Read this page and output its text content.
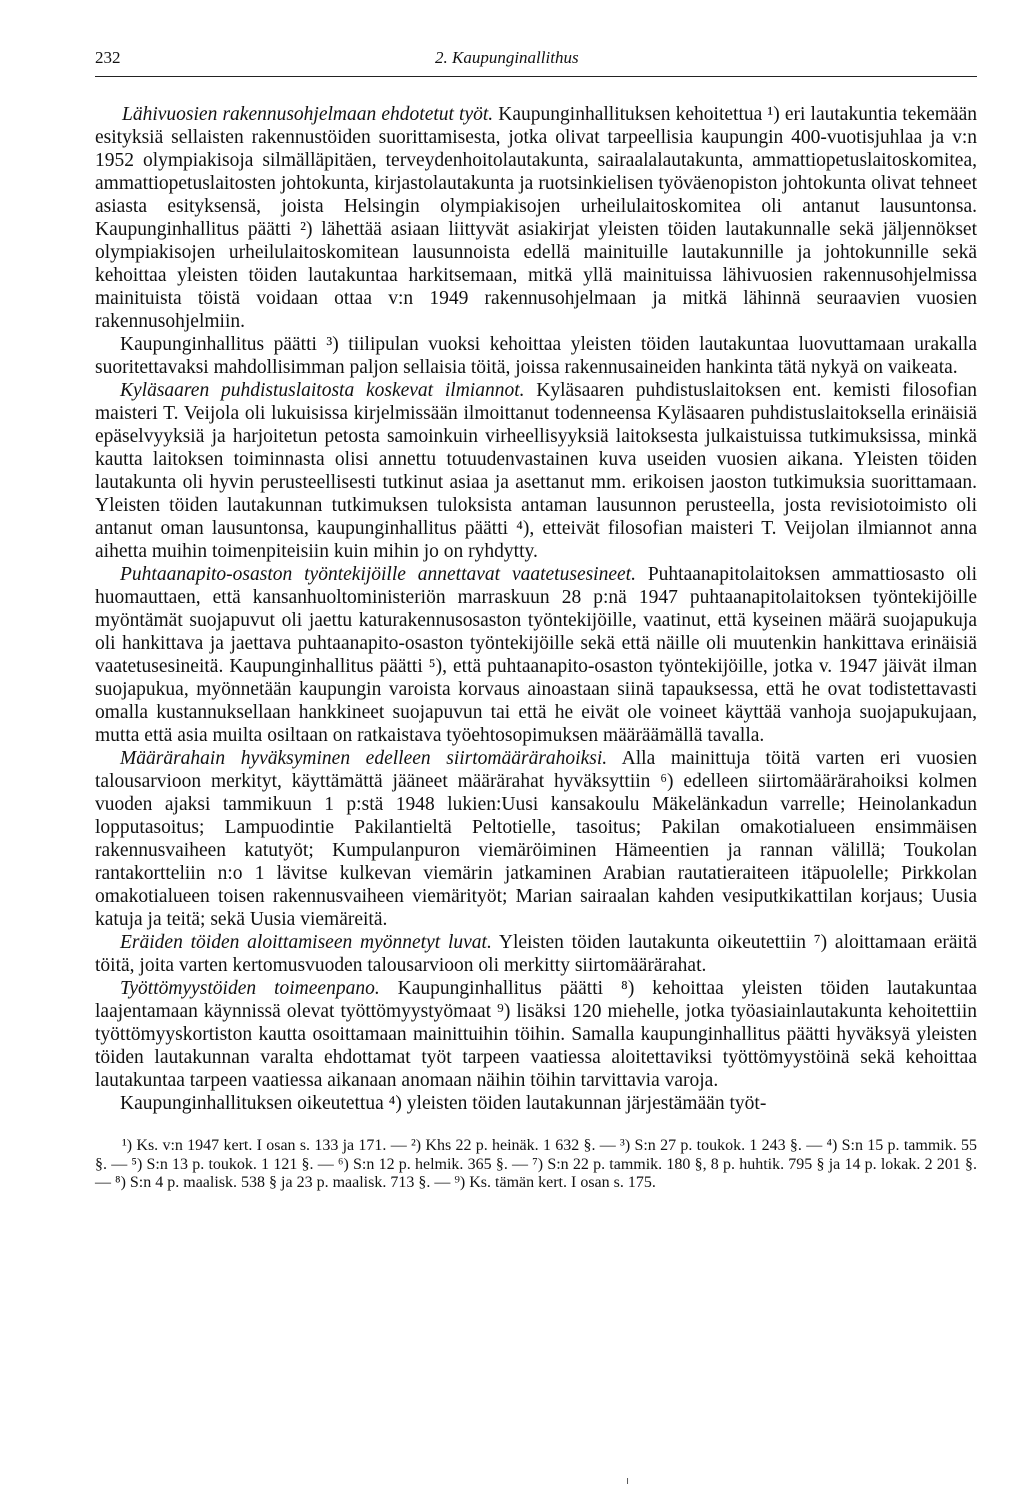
232	2. Kaupunginallithus

Lähivuosien rakennusohjelmaan ehdotetut työt. Kaupunginhallituksen kehoitettua ¹) eri lautakuntia tekemään esityksiä sellaisten rakennustöiden suorittamisesta, jotka olivat tarpeellisia kaupungin 400-vuotisjuhlaa ja v:n 1952 olympiakisoja silmälläpitäen, terveydenhoitolautakunta, sairaalalautakunta, ammattiopetuslaitoskomitea, ammattiopetuslaitosten johtokunta, kirjastolautakunta ja ruotsinkielisen työväenopiston johtokunta olivat tehneet asiasta esityksensä, joista Helsingin olympiakisojen urheilulaitoskomitea oli antanut lausuntonsa. Kaupunginhallitus päätti ²) lähettää asiaan liittyvät asiakirjat yleisten töiden lautakunnalle sekä jäljennökset olympiakisojen urheilulaitoskomitean lausunnoista edellä mainituille lautakunnille ja johtokunnille sekä kehoittaa yleisten töiden lautakuntaa harkitsemaan, mitkä yllä mainituissa lähivuosien rakennusohjelmissa mainituista töistä voidaan ottaa v:n 1949 rakennusohjelmaan ja mitkä lähinnä seuraavien vuosien rakennusohjelmiin.

Kaupunginhallitus päätti ³) tiilipulan vuoksi kehoittaa yleisten töiden lautakuntaa luovuttamaan urakalla suoritettavaksi mahdollisimman paljon sellaisia töitä, joissa rakennusaineiden hankinta tätä nykyä on vaikeata.

Kyläsaaren puhdistuslaitosta koskevat ilmiannot. Kyläsaaren puhdistuslaitoksen ent. kemisti filosofian maisteri T. Veijola oli lukuisissa kirjelmissään ilmoittanut todenneensa Kyläsaaren puhdistuslaitoksella erinäisiä epäselvyyksiä ja harjoitetun petosta samoinkuin virheellisyyksiä laitoksesta julkaistuissa tutkimuksissa, minkä kautta laitoksen toiminnasta olisi annettu totuudenvastainen kuva useiden vuosien aikana. Yleisten töiden lautakunta oli hyvin perusteellisesti tutkinut asiaa ja asettanut mm. erikoisen jaoston tutkimuksia suorittamaan. Yleisten töiden lautakunnan tutkimuksen tuloksista antaman lausunnon perusteella, josta revisiotoimisto oli antanut oman lausuntonsa, kaupunginhallitus päätti ⁴), etteivät filosofian maisteri T. Veijolan ilmiannot anna aihetta muihin toimenpiteisiin kuin mihin jo on ryhdytty.

Puhtaanapito-osaston työntekijöille annettavat vaatetusesineet. Puhtaanapitolaitoksen ammattiosasto oli huomauttaen, että kansanhuoltoministeriön marraskuun 28 p:nä 1947 puhtaanapitolaitoksen työntekijöille myöntämät suojapuvut oli jaettu katurakennusosaston työntekijöille, vaatinut, että kyseinen määrä suojapukuja oli hankittava ja jaettava puhtaanapito-osaston työntekijöille sekä että näille oli muutenkin hankittava erinäisiä vaatetusesineitä. Kaupunginhallitus päätti ⁵), että puhtaanapito-osaston työntekijöille, jotka v. 1947 jäivät ilman suojapukua, myönnetään kaupungin varoista korvaus ainoastaan siinä tapauksessa, että he ovat todistettavasti omalla kustannuksellaan hankkineet suojapuvun tai että he eivät ole voineet käyttää vanhoja suojapukujaan, mutta että asia muilta osiltaan on ratkaistava työehtosopimuksen määräämällä tavalla.

Määrärahain hyväksyminen edelleen siirtomäärärahoiksi. Alla mainittuja töitä varten eri vuosien talousarvioon merkityt, käyttämättä jääneet määrärahat hyväksyttiin ⁶) edelleen siirtomäärärahoiksi kolmen vuoden ajaksi tammikuun 1 p:stä 1948 lukien:Uusi kansakoulu Mäkelänkadun varrelle; Heinolankadun lopputasoitus; Lampuodintie Pakilantieltä Peltotielle, tasoitus; Pakilan omakotialueen ensimmäisen rakennusvaiheen katutyöt; Kumpulanpuron viemäröiminen Hämeentien ja rannan välillä; Toukolan rantakortteliin n:o 1 lävitse kulkevan viemärin jatkaminen Arabian rautatieraiteen itäpuolelle; Pirkkolan omakotialueen toisen rakennusvaiheen viemärityöt; Marian sairaalan kahden vesiputkikattilan korjaus; Uusia katuja ja teitä; sekä Uusia viemäreitä.

Eräiden töiden aloittamiseen myönnetyt luvat. Yleisten töiden lautakunta oikeutettiin ⁷) aloittamaan eräitä töitä, joita varten kertomusvuoden talousarvioon oli merkitty siirtomäärärahat.

Työttömyystöiden toimeenpano. Kaupunginhallitus päätti ⁸) kehoittaa yleisten töiden lautakuntaa laajentamaan käynnissä olevat työttömyystyömaat ⁹) lisäksi 120 miehelle, jotka työasiainlautakunta kehoitettiin työttömyyskortiston kautta osoittamaan mainittuihin töihin. Samalla kaupunginhallitus päätti hyväksyä yleisten töiden lautakunnan varalta ehdottamat työt tarpeen vaatiessa aloitettaviksi työttömyystöinä sekä kehoittaa lautakuntaa tarpeen vaatiessa aikanaan anomaan näihin töihin tarvittavia varoja.

Kaupunginhallituksen oikeutettua ⁴) yleisten töiden lautakunnan järjestämään työt-

¹) Ks. v:n 1947 kert. I osan s. 133 ja 171. — ²) Khs 22 p. heinäk. 1 632 §. — ³) S:n 27 p. toukok. 1 243 §. — ⁴) S:n 15 p. tammik. 55 §. — ⁵) S:n 13 p. toukok. 1 121 §. — ⁶) S:n 12 p. helmik. 365 §. — ⁷) S:n 22 p. tammik. 180 §, 8 p. huhtik. 795 § ja 14 p. lokak. 2 201 §. — ⁸) S:n 4 p. maalisk. 538 § ja 23 p. maalisk. 713 §. — ⁹) Ks. tämän kert. I osan s. 175.

ı
